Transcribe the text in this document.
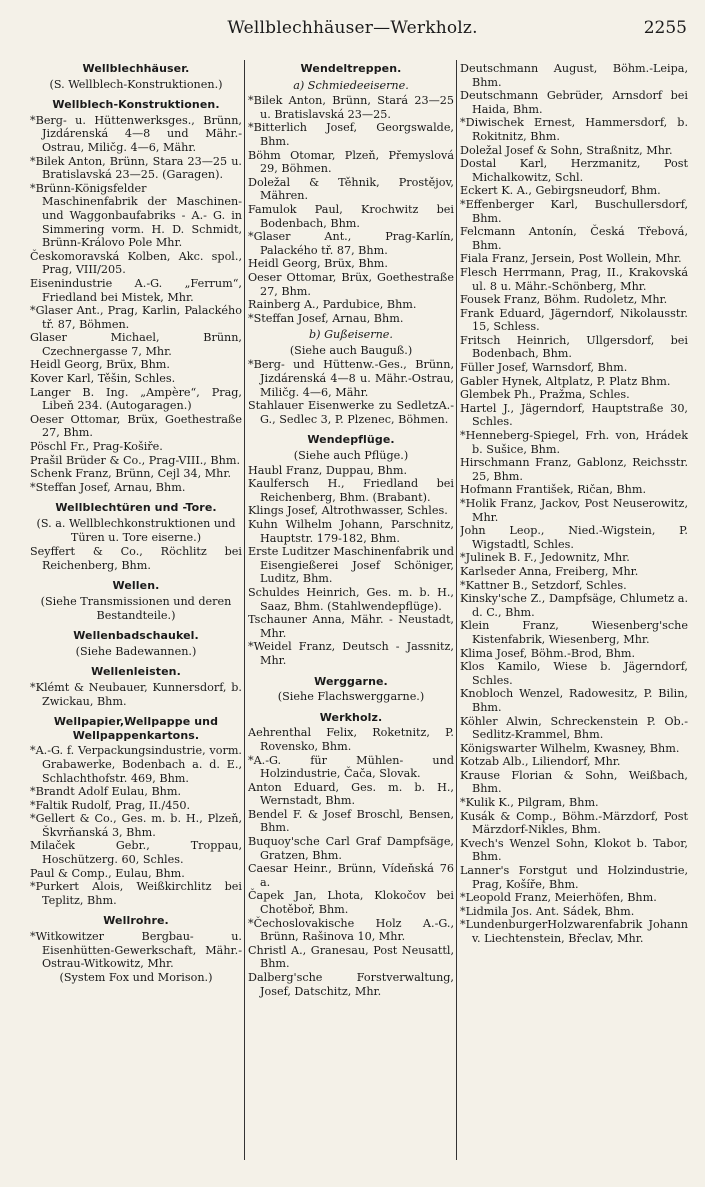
Wellblechhäuser—Werkholz.	2255
Wellblechhäuser.
(S. Wellblech-Konstruktionen.)
Wellblech-Konstruktionen.
*Berg- u. Hüttenwerksges., Brünn, Jizdárenská 4—8 und Mähr.-Ostrau, Miličg. 4—6, Mähr.
*Bilek Anton, Brünn, Stara 23—25 u. Bratislavská 23—25. (Garagen).
*Brünn-Königsfelder Maschinenfabrik der Maschinen- und Waggonbaufabriks - A.- G. in Simmering vorm. H. D. Schmidt, Brünn-Královo Pole Mhr.
Českomoravská Kolben, Akc. spol., Prag, VIII/205.
Eisenindustrie A.-G. „Ferrum“, Friedland bei Mistek, Mhr.
*Glaser Ant., Prag, Karlin, Palackého tř. 87, Böhmen.
Glaser Michael, Brünn, Czechnergasse 7, Mhr.
Heidl Georg, Brüx, Bhm.
Kover Karl, Těšin, Schles.
Langer B. Ing. „Ampère“, Prag, Libeň 234. (Autogaragen.)
Oeser Ottomar, Brüx, Goethestraße 27, Bhm.
Pöschl Fr., Prag-Košiře.
Prašil Brüder & Co., Prag-VIII., Bhm.
Schenk Franz, Brünn, Cejl 34, Mhr.
*Steffan Josef, Arnau, Bhm.
Wellblechtüren und -Tore.
(S. a. Wellblechkonstruktionen und Türen u. Tore eiserne.)
Seyffert & Co., Röchlitz bei Reichenberg, Bhm.
Wellen.
(Siehe Transmissionen und deren Bestandteile.)
Wellenbadschaukel.
(Siehe Badewannen.)
Wellenleisten.
*Klémt & Neubauer, Kunnersdorf, b. Zwickau, Bhm.
Wellpapier,Wellpappe und Wellpappenkartons.
*A.-G. f. Verpackungsindustrie, vorm. Grabawerke, Bodenbach a. d. E., Schlachthofstr. 469, Bhm.
*Brandt Adolf Eulau, Bhm.
*Faltik Rudolf, Prag, II./450.
*Gellert & Co., Ges. m. b. H., Plzeň, Škvrňanská 3, Bhm.
Milaček Gebr., Troppau, Hoschützerg. 60, Schles.
Paul & Comp., Eulau, Bhm.
*Purkert Alois, Weißkirchlitz bei Teplitz, Bhm.
Wellrohre.
*Witkowitzer Bergbau- u. Eisenhütten-Gewerkschaft, Mähr.-Ostrau-Witkowitz, Mhr.
(System Fox und Morison.)
Wendeltreppen.
a) Schmiedeeiserne.
*Bilek Anton, Brünn, Stará 23—25 u. Bratislavská 23—25.
*Bitterlich Josef, Georgswalde, Bhm.
Böhm Otomar, Plzeň, Přemyslová 29, Böhmen.
Doležal & Těhnik, Prostějov, Mähren.
Famulok Paul, Krochwitz bei Bodenbach, Bhm.
*Glaser Ant., Prag-Karlín, Palackého tř. 87, Bhm.
Heidl Georg, Brüx, Bhm.
Oeser Ottomar, Brüx, Goethestraße 27, Bhm.
Rainberg A., Pardubice, Bhm.
*Steffan Josef, Arnau, Bhm.
b) Gußeiserne.
(Siehe auch Bauguß.)
*Berg- und Hüttenw.-Ges., Brünn, Jizdárenská 4—8 u. Mähr.-Ostrau, Miličg. 4—6, Mähr.
Stahlauer Eisenwerke zu SedletzA.-G., Sedlec 3, P. Plzenec, Böhmen.
Wendepflüge.
(Siehe auch Pflüge.)
Haubl Franz, Duppau, Bhm.
Kaulfersch H., Friedland bei Reichenberg, Bhm. (Brabant).
Klings Josef, Altrothwasser, Schles.
Kuhn Wilhelm Johann, Parschnitz, Hauptstr. 179-182, Bhm.
Erste Luditzer Maschinenfabrik und Eisengießerei Josef Schöniger, Luditz, Bhm.
Schuldes Heinrich, Ges. m. b. H., Saaz, Bhm. (Stahlwendepflüge).
Tschauner Anna, Mähr. - Neustadt, Mhr.
*Weidel Franz, Deutsch - Jassnitz, Mhr.
Werggarne.
(Siehe Flachswerggarne.)
Werkholz.
Aehrenthal Felix, Roketnitz, P. Rovensko, Bhm.
*A.-G. für Mühlen- und Holzindustrie, Čača, Slovak.
Anton Eduard, Ges. m. b. H., Wernstadt, Bhm.
Bendel F. & Josef Broschl, Bensen, Bhm.
Buquoy'sche Carl Graf Dampfsäge, Gratzen, Bhm.
Caesar Heinr., Brünn, Vídeňská 76 a.
Čapek Jan, Lhota, Klokočov bei Chotěboř, Bhm.
*Čechoslovakische Holz A.-G., Brünn, Rašinova 10, Mhr.
Christl A., Granesau, Post Neusattl, Bhm.
Dalberg'sche Forstverwaltung, Josef, Datschitz, Mhr.
Deutschmann August, Böhm.-Leipa, Bhm.
Deutschmann Gebrüder, Arnsdorf bei Haida, Bhm.
*Diwischek Ernest, Hammersdorf, b. Rokitnitz, Bhm.
Doležal Josef & Sohn, Straßnitz, Mhr.
Dostal Karl, Herzmanitz, Post Michalkowitz, Schl.
Eckert K. A., Gebirgsneudorf, Bhm.
*Effenberger Karl, Buschullersdorf, Bhm.
Felcmann Antonín, Česká Třebová, Bhm.
Fiala Franz, Jersein, Post Wollein, Mhr.
Flesch Herrmann, Prag, II., Krakovská ul. 8 u. Mähr.-Schönberg, Mhr.
Fousek Franz, Böhm. Rudoletz, Mhr.
Frank Eduard, Jägerndorf, Nikolausstr. 15, Schless.
Fritsch Heinrich, Ullgersdorf, bei Bodenbach, Bhm.
Füller Josef, Warnsdorf, Bhm.
Gabler Hynek, Altplatz, P. Platz Bhm.
Glembek Ph., Pražma, Schles.
Hartel J., Jägerndorf, Hauptstraße 30, Schles.
*Henneberg-Spiegel, Frh. von, Hrádek b. Sušice, Bhm.
Hirschmann Franz, Gablonz, Reichsstr. 25, Bhm.
Hofmann František, Ričan, Bhm.
*Holik Franz, Jackov, Post Neuserowitz, Mhr.
John Leop., Nied.-Wigstein, P. Wigstadtl, Schles.
*Julinek B. F., Jedownitz, Mhr.
Karlseder Anna, Freiberg, Mhr.
*Kattner B., Setzdorf, Schles.
Kinsky'sche Z., Dampfsäge, Chlumetz a. d. C., Bhm.
Klein Franz, Wiesenberg'sche Kistenfabrik, Wiesenberg, Mhr.
Klima Josef, Böhm.-Brod, Bhm.
Klos Kamilo, Wiese b. Jägerndorf, Schles.
Knobloch Wenzel, Radowesitz, P. Bilin, Bhm.
Köhler Alwin, Schreckenstein P. Ob.-Sedlitz-Krammel, Bhm.
Königswarter Wilhelm, Kwasney, Bhm.
Kotzab Alb., Liliendorf, Mhr.
Krause Florian & Sohn, Weißbach, Bhm.
*Kulik K., Pilgram, Bhm.
Kusák & Comp., Böhm.-Märzdorf, Post Märzdorf-Nikles, Bhm.
Kvech's Wenzel Sohn, Klokot b. Tabor, Bhm.
Lanner's Forstgut und Holzindustrie, Prag, Košíře, Bhm.
*Leopold Franz, Meierhöfen, Bhm.
*Lidmila Jos. Ant. Sádek, Bhm.
*LundenburgerHolzwarenfabrik Johann v. Liechtenstein, Břeclav, Mhr.
